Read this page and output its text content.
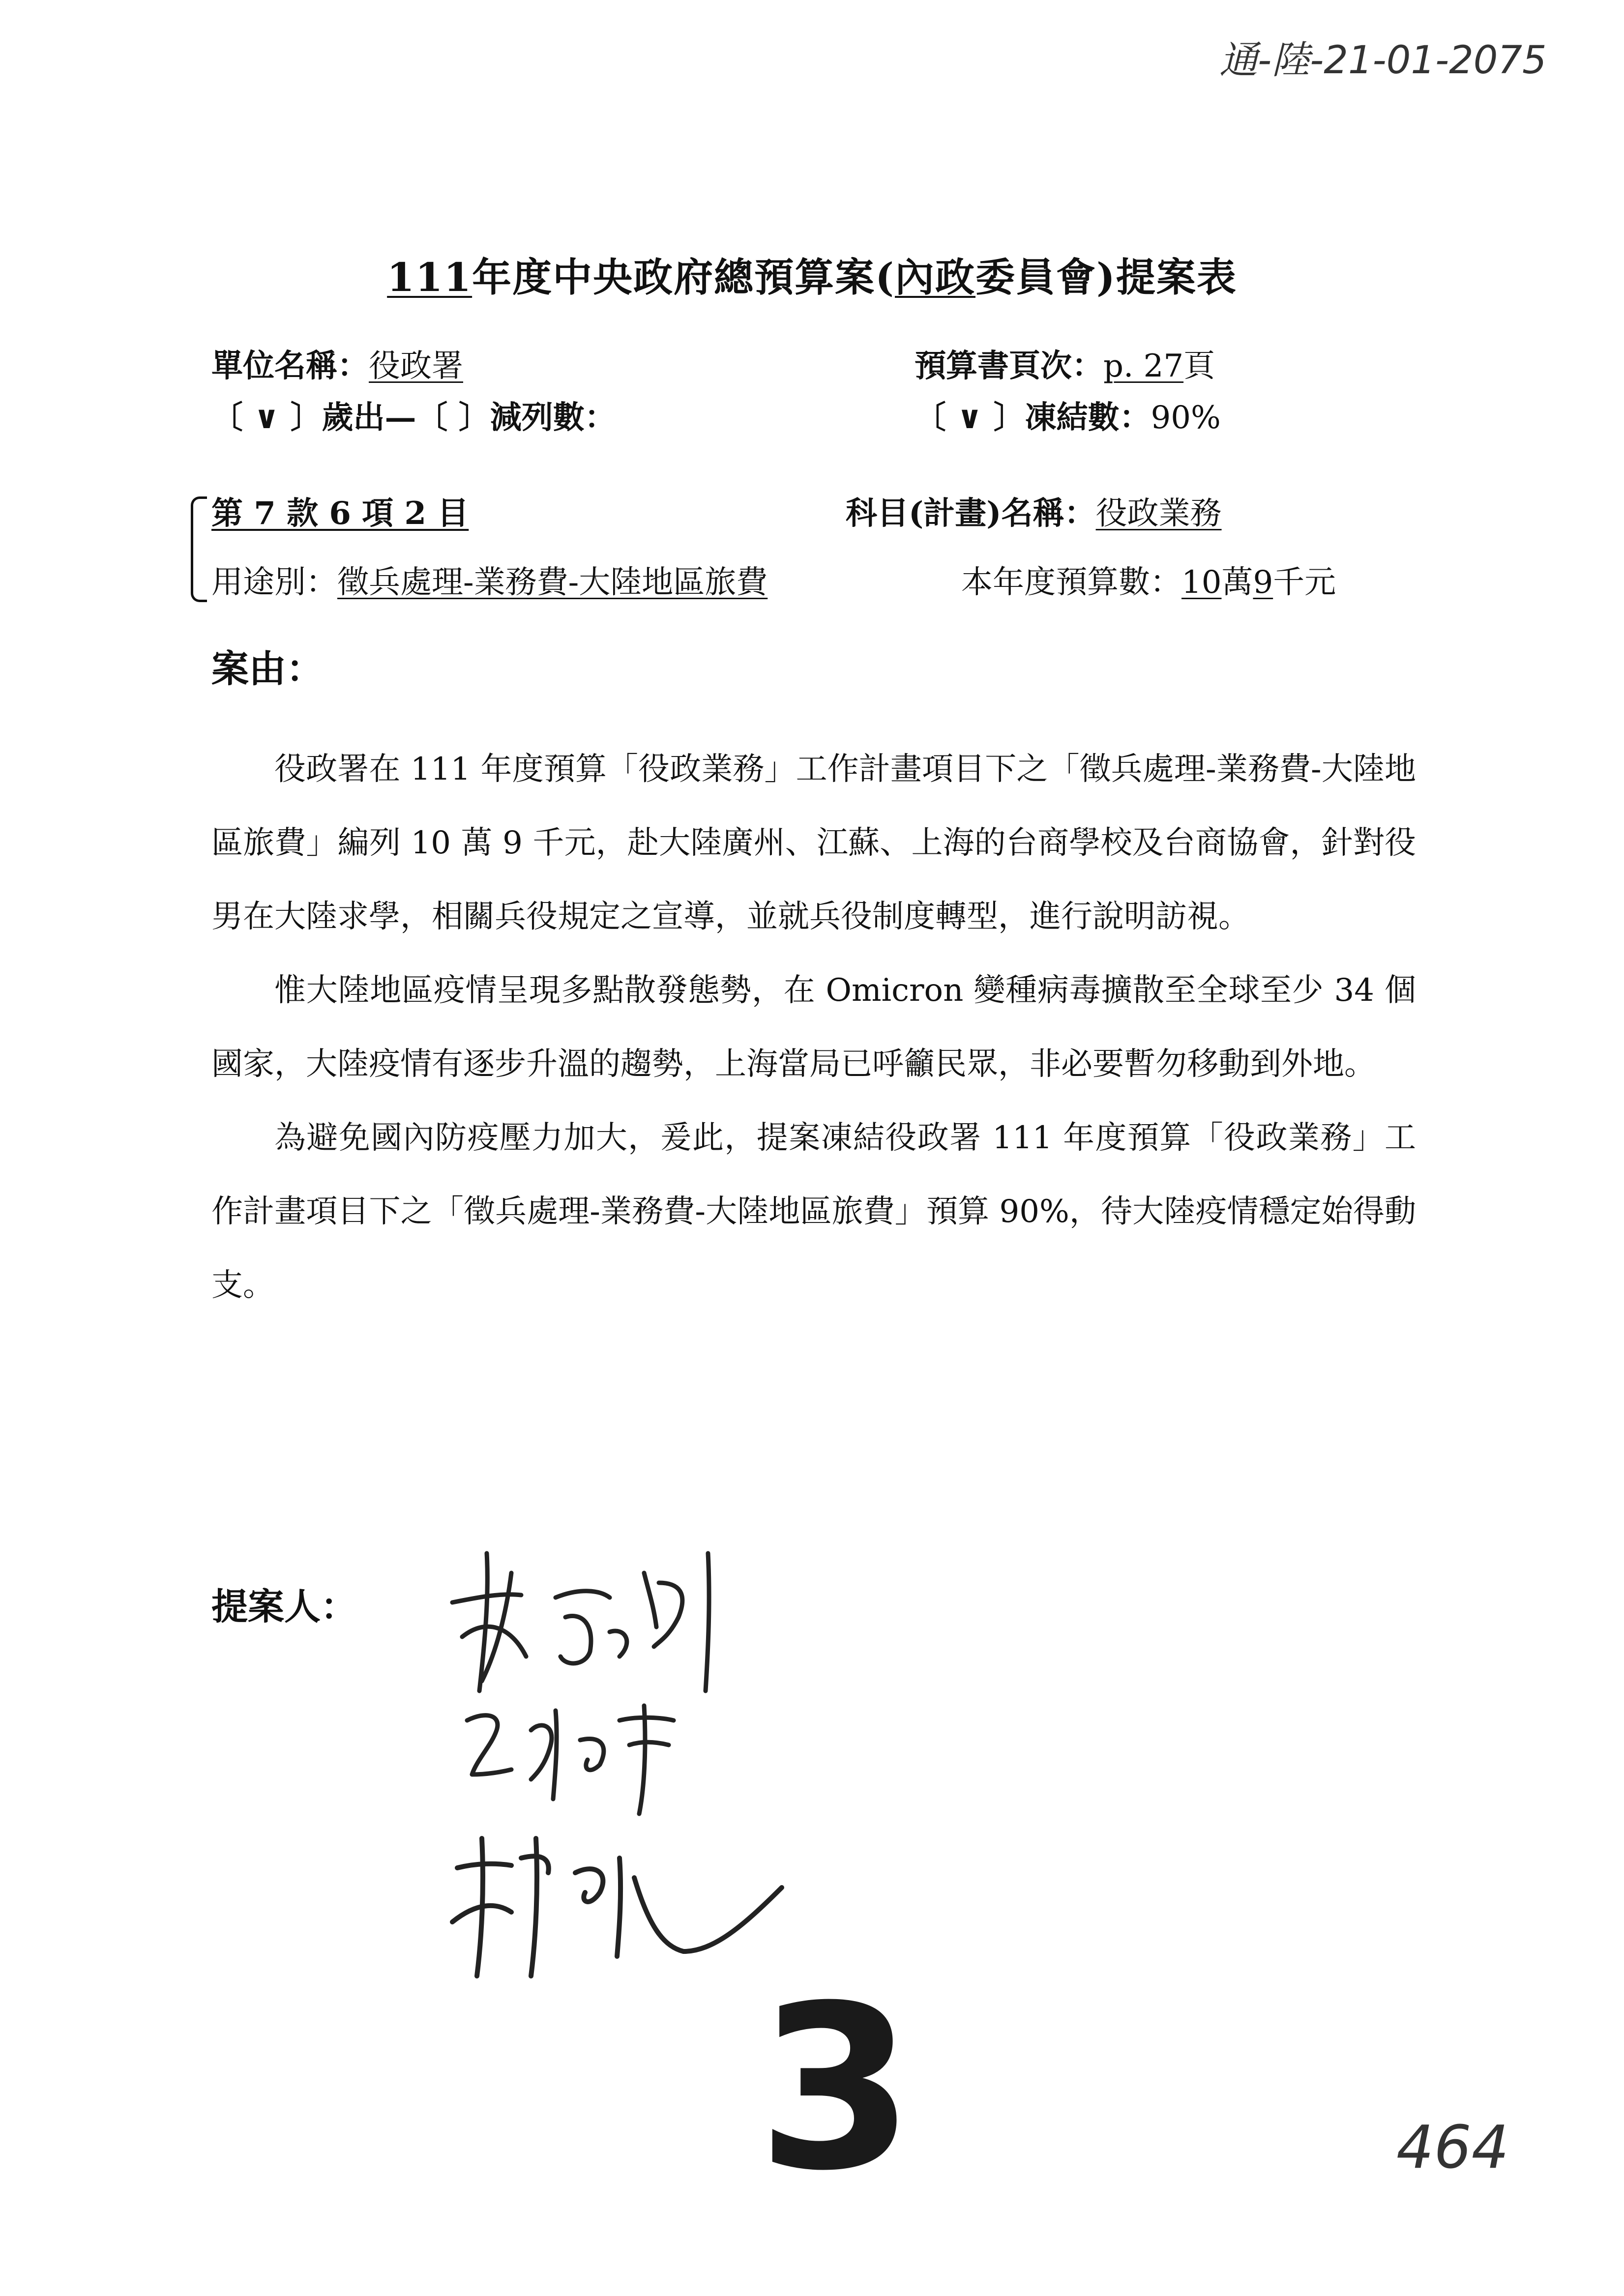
通-陸-21-01-2075
111年度中央政府總預算案(內政委員會)提案表
單位名稱：役政署	預算書頁次：p. 27頁
〔 ∨ 〕歲出—〔 〕減列數：	〔 ∨ 〕凍結數：90%
第 7 款 6 項 2 目	科目(計畫)名稱：役政業務
用途別：徵兵處理-業務費-大陸地區旅費	本年度預算數：10萬9千元
案由：

役政署在 111 年度預算「役政業務」工作計畫項目下之「徵兵處理-業務費-大陸地區旅費」編列 10 萬 9 千元，赴大陸廣州、江蘇、上海的台商學校及台商協會，針對役男在大陸求學，相關兵役規定之宣導，並就兵役制度轉型，進行說明訪視。

惟大陸地區疫情呈現多點散發態勢，在 Omicron 變種病毒擴散至全球至少 34 個國家，大陸疫情有逐步升溫的趨勢，上海當局已呼籲民眾，非必要暫勿移動到外地。

為避免國內防疫壓力加大，爰此，提案凍結役政署 111 年度預算「役政業務」工作計畫項目下之「徵兵處理-業務費-大陸地區旅費」預算 90%，待大陸疫情穩定始得動支。

提案人：
3	464
